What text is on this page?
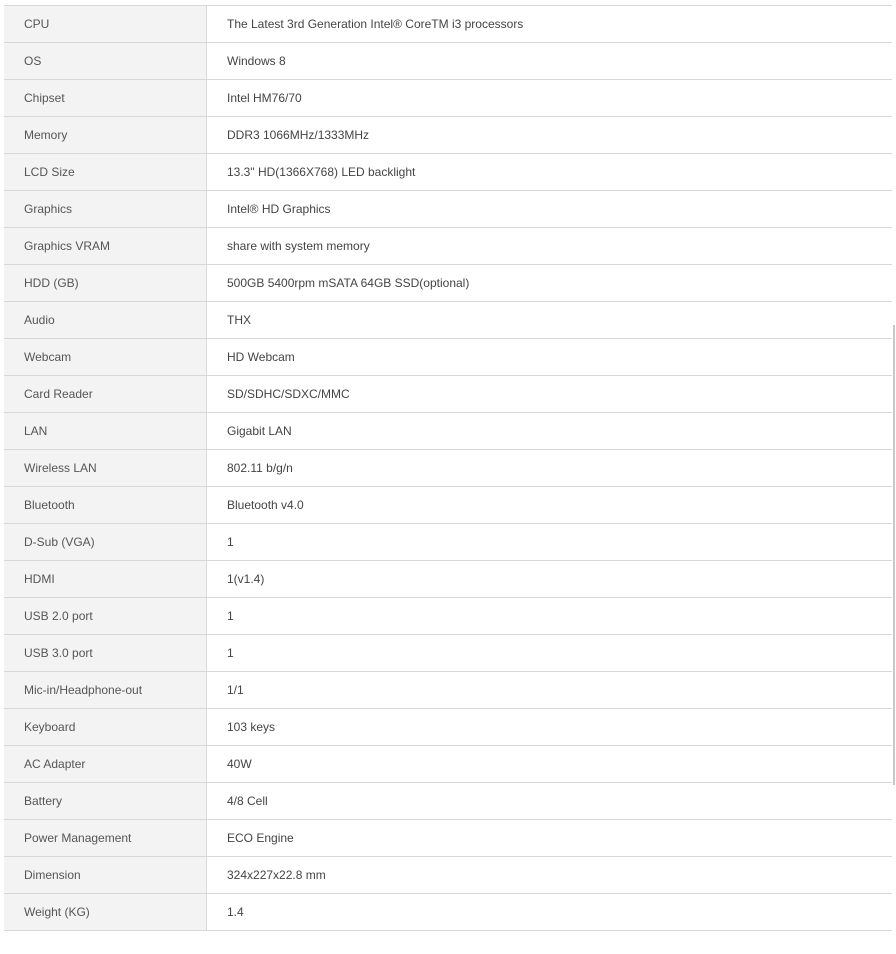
CPU	The Latest 3rd Generation Intel® CoreTM i3 processors
OS	Windows 8
Chipset	Intel HM76/70
Memory	DDR3 1066MHz/1333MHz
LCD Size	13.3" HD(1366X768) LED backlight
Graphics	Intel® HD Graphics
Graphics VRAM	share with system memory
HDD (GB)	500GB 5400rpm mSATA 64GB SSD(optional)
Audio	THX
Webcam	HD Webcam
Card Reader	SD/SDHC/SDXC/MMC
LAN	Gigabit LAN
Wireless LAN	802.11 b/g/n
Bluetooth	Bluetooth v4.0
D-Sub (VGA)	1
HDMI	1(v1.4)
USB 2.0 port	1
USB 3.0 port	1
Mic-in/Headphone-out	1/1
Keyboard	103 keys
AC Adapter	40W
Battery	4/8 Cell
Power Management	ECO Engine
Dimension	324x227x22.8 mm
Weight (KG)	1.4
